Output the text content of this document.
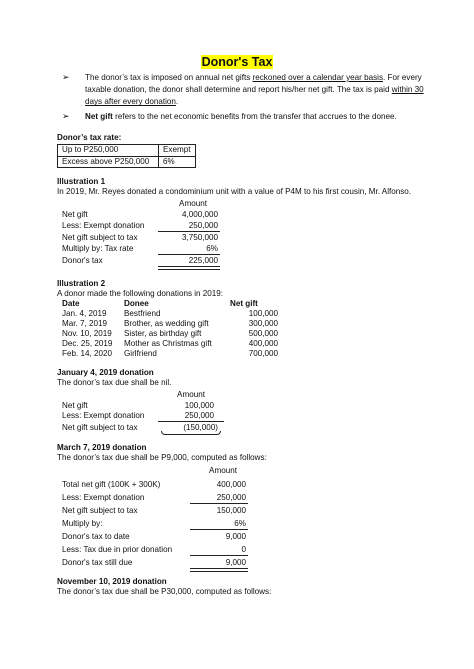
Donor's Tax
➢	The donor’s tax is imposed on annual net gifts reckoned over a calendar year basis. For every taxable donation, the donor shall determine and report his/her net gift. The tax is paid within 30 days after every donation.
➢	Net gift refers to the net economic benefits from the transfer that accrues to the donee.
Donor’s tax rate:
Up to P250,000	Exempt
Excess above P250,000	6%
Illustration 1
In 2019, Mr. Reyes donated a condominium unit with a value of P4M to his first cousin, Mr. Alfonso.
Amount
Net gift	4,000,000
Less: Exempt donation	250,000
Net gift subject to tax	3,750,000
Multiply by: Tax rate	6%
Donor's tax	225,000
Illustration 2
A donor made the following donations in 2019:
Date	Donee	Net gift
Jan. 4, 2019 Bestfriend	100,000
Mar. 7, 2019 Brother, as wedding gift	300,000
Nov. 10, 2019 Sister, as birthday gift	500,000
Dec. 25, 2019 Mother as Christmas gift	400,000
Feb. 14, 2020 Girlfriend	700,000
January 4, 2019 donation
The donor’s tax due shall be nil.
Amount
Net gift	100,000
Less: Exempt donation	250,000
Net gift subject to tax	(150,000)
March 7, 2019 donation
The donor’s tax due shall be P9,000, computed as follows:
Amount
Total net gift (100K + 300K)	400,000
Less: Exempt donation	250,000
Net gift subject to tax	150,000
Multiply by:	6%
Donor's tax to date	9,000
Less: Tax due in prior donation	0
Donor's tax still due	9,000
November 10, 2019 donation
The donor’s tax due shall be P30,000, computed as follows:
